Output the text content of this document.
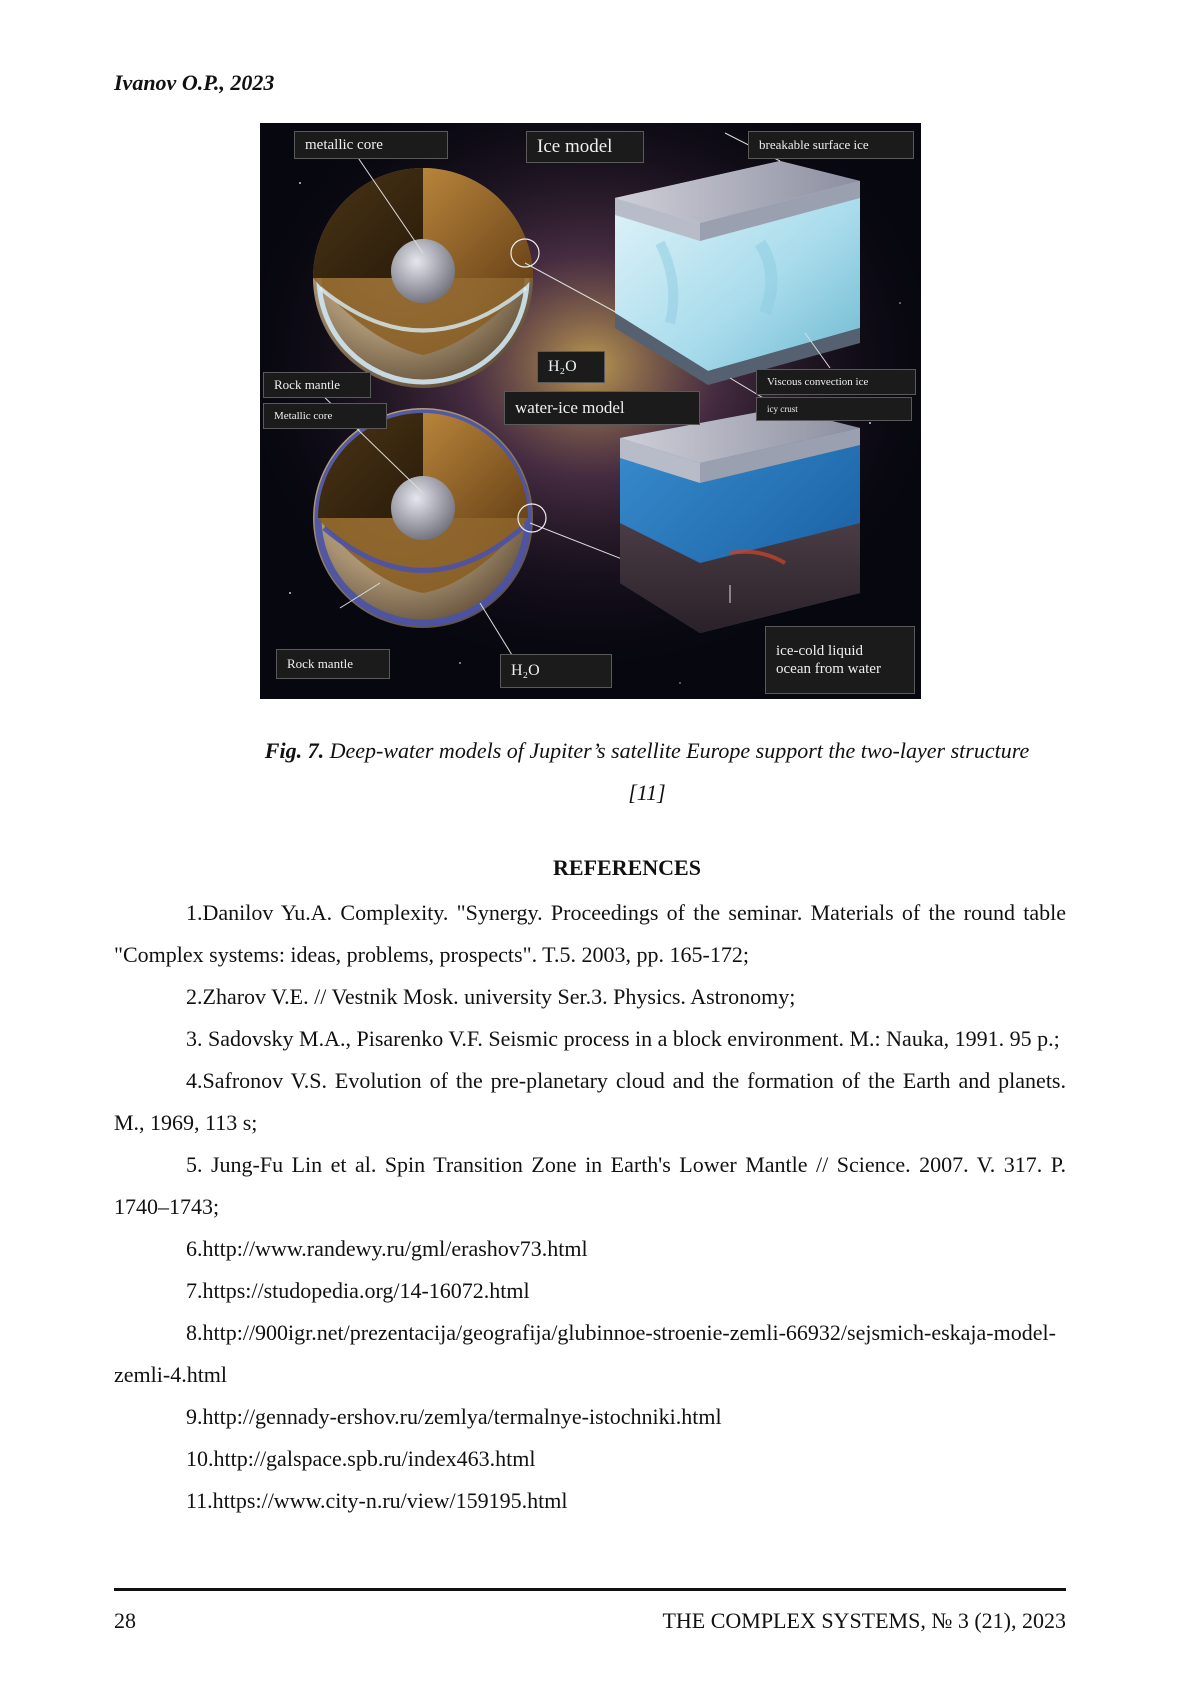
Ivanov O.P., 2023
metallic core	Ice model	breakable surface ice
H₂O
Rock mantle	Viscous convection ice
Metallic core	water-ice model	icy crust
ice-cold liquid
ocean from water
Rock mantle	H₂O
Fig. 7. Deep-water models of Jupiter’s satellite Europe support the two-layer structure
[11]
REFERENCES

1.Danilov Yu.A. Complexity. "Synergy. Proceedings of the seminar. Materials of the round table "Complex systems: ideas, problems, prospects". T.5. 2003, pp. 165-172;

2.Zharov V.E. // Vestnik Mosk. university Ser.3. Physics. Astronomy;

3. Sadovsky M.A., Pisarenko V.F. Seismic process in a block environment. M.: Nauka, 1991. 95 p.;

4.Safronov V.S. Evolution of the pre-planetary cloud and the formation of the Earth and planets. M., 1969, 113 s;

5. Jung-Fu Lin et al. Spin Transition Zone in Earth's Lower Mantle // Science. 2007. V. 317. P. 1740–1743;

6.http://www.randewy.ru/gml/erashov73.html

7.https://studopedia.org/14-16072.html

8.http://900igr.net/prezentacija/geografija/glubinnoe-stroenie-zemli-66932/sejsmich-eskaja-model-zemli-4.html

9.http://gennady-ershov.ru/zemlya/termalnye-istochniki.html

10.http://galspace.spb.ru/index463.html

11.https://www.city-n.ru/view/159195.html

28	THE COMPLEX SYSTEMS, № 3 (21), 2023
